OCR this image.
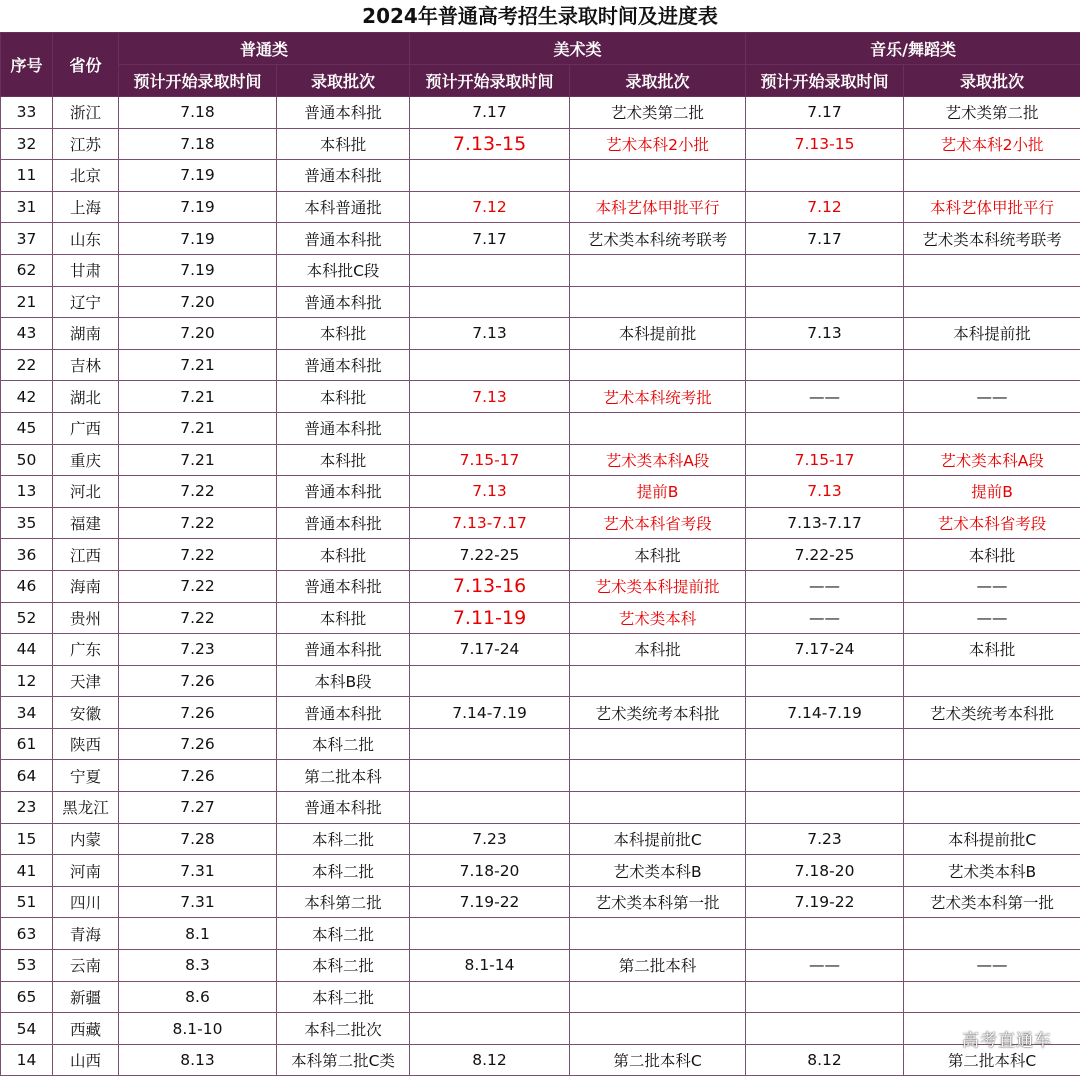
2024年普通高考招生录取时间及进度表
序号	省份	普通类		美术类		音乐/舞蹈类	
		预计开始录取时间	录取批次	预计开始录取时间	录取批次	预计开始录取时间	录取批次
33	浙江	7.18	普通本科批	7.17	艺术类第二批	7.17	艺术类第二批
32	江苏	7.18	本科批	7.13-15	艺术本科2小批	7.13-15	艺术本科2小批
11	北京	7.19	普通本科批				
31	上海	7.19	本科普通批	7.12	本科艺体甲批平行	7.12	本科艺体甲批平行
37	山东	7.19	普通本科批	7.17	艺术类本科统考联考	7.17	艺术类本科统考联考
62	甘肃	7.19	本科批C段				
21	辽宁	7.20	普通本科批				
43	湖南	7.20	本科批	7.13	本科提前批	7.13	本科提前批
22	吉林	7.21	普通本科批				
42	湖北	7.21	本科批	7.13	艺术本科统考批	——	——
45	广西	7.21	普通本科批				
50	重庆	7.21	本科批	7.15-17	艺术类本科A段	7.15-17	艺术类本科A段
13	河北	7.22	普通本科批	7.13	提前B	7.13	提前B
35	福建	7.22	普通本科批	7.13-7.17	艺术本科省考段	7.13-7.17	艺术本科省考段
36	江西	7.22	本科批	7.22-25	本科批	7.22-25	本科批
46	海南	7.22	普通本科批	7.13-16	艺术类本科提前批	——	——
52	贵州	7.22	本科批	7.11-19	艺术类本科	——	——
44	广东	7.23	普通本科批	7.17-24	本科批	7.17-24	本科批
12	天津	7.26	本科B段				
34	安徽	7.26	普通本科批	7.14-7.19	艺术类统考本科批	7.14-7.19	艺术类统考本科批
61	陕西	7.26	本科二批				
64	宁夏	7.26	第二批本科				
23	黑龙江	7.27	普通本科批				
15	内蒙	7.28	本科二批	7.23	本科提前批C	7.23	本科提前批C
41	河南	7.31	本科二批	7.18-20	艺术类本科B	7.18-20	艺术类本科B
51	四川	7.31	本科第二批	7.19-22	艺术类本科第一批	7.19-22	艺术类本科第一批
63	青海	8.1	本科二批				
53	云南	8.3	本科二批	8.1-14	第二批本科	——	——
65	新疆	8.6	本科二批				
54	西藏	8.1-10	本科二批次				
14	山西	8.13	本科第二批C类	8.12	第二批本科C	8.12	第二批本科C
高考直通车
